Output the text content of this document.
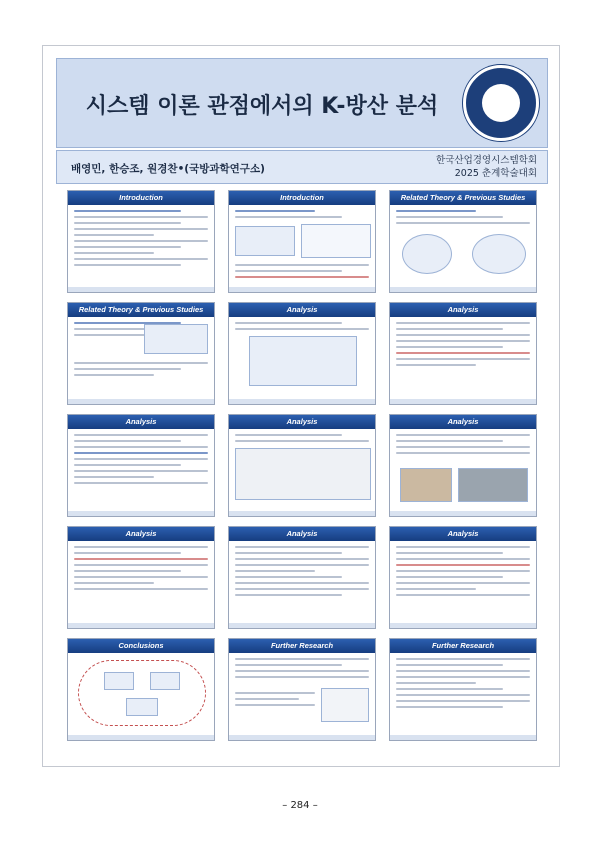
시스템 이론 관점에서의 K-방산 분석
배영민, 한승조, 원경찬•(국방과학연구소)
한국산업경영시스템학회
2025 춘계학술대회
Introduction	Introduction	Related Theory & Previous Studies
Related Theory & Previous Studies	Analysis	Analysis
Analysis	Analysis	Analysis
Analysis	Analysis	Analysis
Conclusions	Further Research	Further Research
– 284 –
